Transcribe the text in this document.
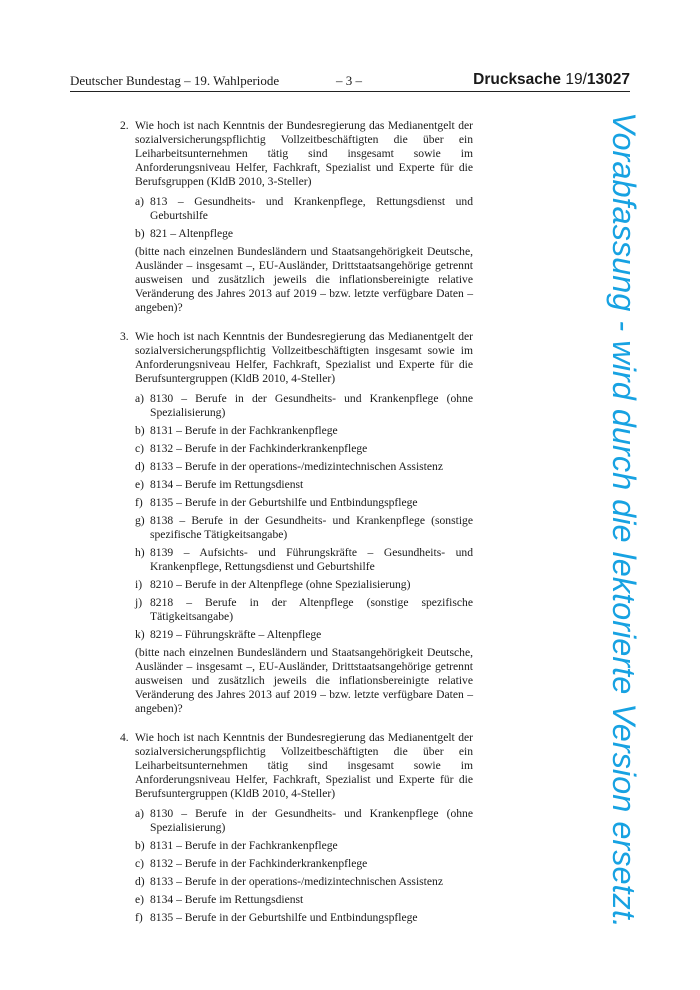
Deutscher Bundestag – 19. Wahlperiode	– 3 –	Drucksache 19/13027
2. Wie hoch ist nach Kenntnis der Bundesregierung das Medianentgelt der sozialversicherungspflichtig Vollzeitbeschäftigten die über ein Leiharbeitsunternehmen tätig sind insgesamt sowie im Anforderungsniveau Helfer, Fachkraft, Spezialist und Experte für die Berufsgruppen (KldB 2010, 3-Steller)
a) 813 – Gesundheits- und Krankenpflege, Rettungsdienst und Geburtshilfe
b) 821 – Altenpflege
(bitte nach einzelnen Bundesländern und Staatsangehörigkeit Deutsche, Ausländer – insgesamt –, EU-Ausländer, Drittstaatsangehörige getrennt ausweisen und zusätzlich jeweils die inflationsbereinigte relative Veränderung des Jahres 2013 auf 2019 – bzw. letzte verfügbare Daten – angeben)?
3. Wie hoch ist nach Kenntnis der Bundesregierung das Medianentgelt der sozialversicherungspflichtig Vollzeitbeschäftigten insgesamt sowie im Anforderungsniveau Helfer, Fachkraft, Spezialist und Experte für die Berufsuntergruppen (KldB 2010, 4-Steller)
a) 8130 – Berufe in der Gesundheits- und Krankenpflege (ohne Spezialisierung)
b) 8131 – Berufe in der Fachkrankenpflege
c) 8132 – Berufe in der Fachkinderkrankenpflege
d) 8133 – Berufe in der operations-/medizintechnischen Assistenz
e) 8134 – Berufe im Rettungsdienst
f) 8135 – Berufe in der Geburtshilfe und Entbindungspflege
g) 8138 – Berufe in der Gesundheits- und Krankenpflege (sonstige spezifische Tätigkeitsangabe)
h) 8139 – Aufsichts- und Führungskräfte – Gesundheits- und Krankenpflege, Rettungsdienst und Geburtshilfe
i) 8210 – Berufe in der Altenpflege (ohne Spezialisierung)
j) 8218 – Berufe in der Altenpflege (sonstige spezifische Tätigkeitsangabe)
k) 8219 – Führungskräfte – Altenpflege
(bitte nach einzelnen Bundesländern und Staatsangehörigkeit Deutsche, Ausländer – insgesamt –, EU-Ausländer, Drittstaatsangehörige getrennt ausweisen und zusätzlich jeweils die inflationsbereinigte relative Veränderung des Jahres 2013 auf 2019 – bzw. letzte verfügbare Daten – angeben)?
4. Wie hoch ist nach Kenntnis der Bundesregierung das Medianentgelt der sozialversicherungspflichtig Vollzeitbeschäftigten die über ein Leiharbeitsunternehmen tätig sind insgesamt sowie im Anforderungsniveau Helfer, Fachkraft, Spezialist und Experte für die Berufsuntergruppen (KldB 2010, 4-Steller)
a) 8130 – Berufe in der Gesundheits- und Krankenpflege (ohne Spezialisierung)
b) 8131 – Berufe in der Fachkrankenpflege
c) 8132 – Berufe in der Fachkinderkrankenpflege
d) 8133 – Berufe in der operations-/medizintechnischen Assistenz
e) 8134 – Berufe im Rettungsdienst
f) 8135 – Berufe in der Geburtshilfe und Entbindungspflege	Vorabfassung - wird durch die lektorierte Version ersetzt.
